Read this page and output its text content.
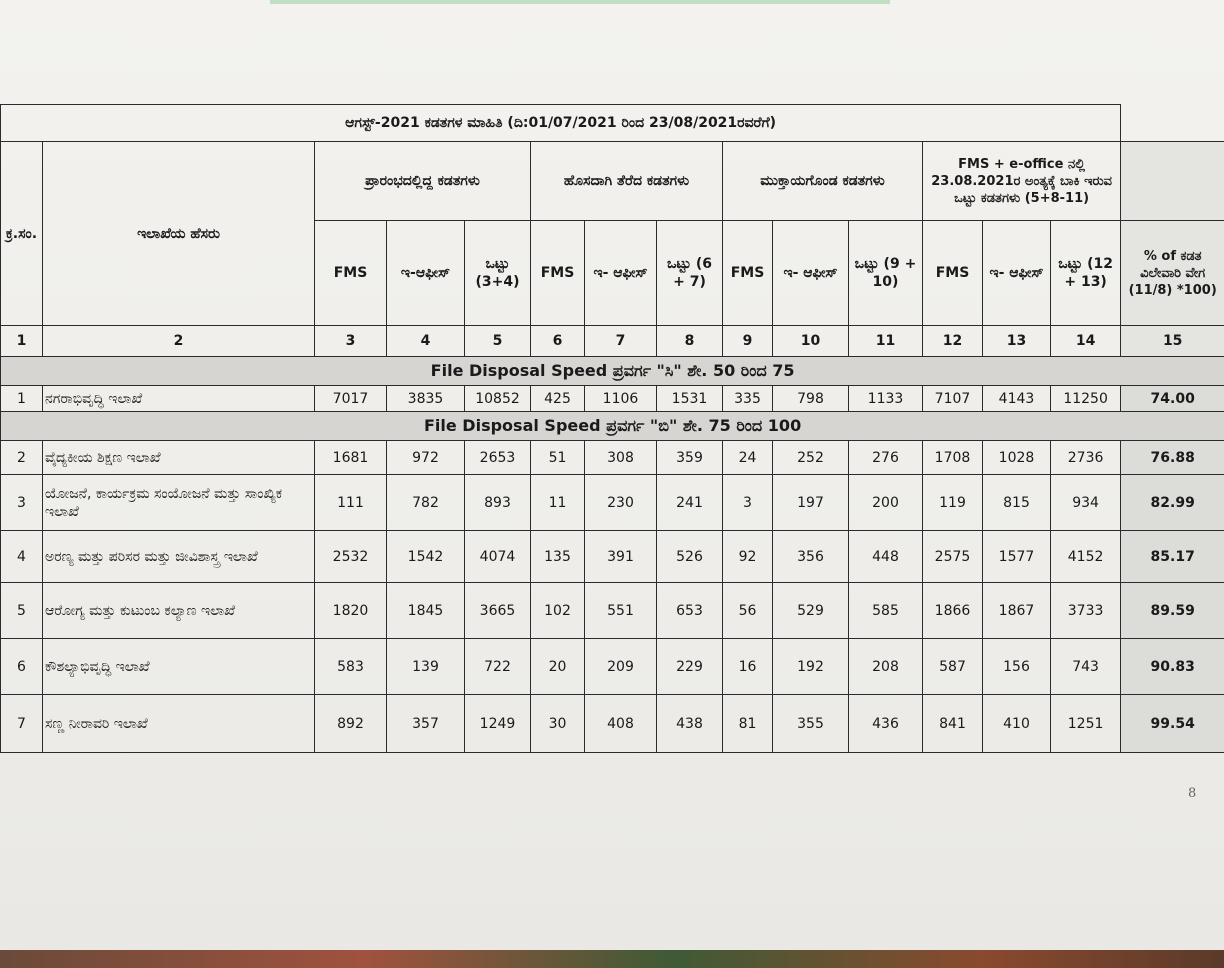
ಆಗಸ್ಟ್-2021 ಕಡತಗಳ ಮಾಹಿತಿ (ದಿ:01/07/2021 ರಿಂದ 23/08/2021ರವರೆಗೆ)														
ಕ್ರ.ಸಂ.	ಇಲಾಖೆಯ ಹೆಸರು	ಪ್ರಾರಂಭದಲ್ಲಿದ್ದ ಕಡತಗಳು			ಹೊಸದಾಗಿ ತೆರೆದ ಕಡತಗಳು			ಮುಕ್ತಾಯಗೊಂಡ ಕಡತಗಳು			FMS + e-office ನಲ್ಲಿ 23.08.2021ರ ಅಂತ್ಯಕ್ಕೆ ಬಾಕಿ ಇರುವ ಒಟ್ಟು ಕಡತಗಳು (5+8-11)			
		FMS	ಇ-ಆಫೀಸ್	ಒಟ್ಟು (3+4)	FMS	ಇ- ಆಫೀಸ್	ಒಟ್ಟು (6 + 7)	FMS	ಇ- ಆಫೀಸ್	ಒಟ್ಟು (9 + 10)	FMS	ಇ- ಆಫೀಸ್	ಒಟ್ಟು (12 + 13)	% of ಕಡತ ವಿಲೇವಾರಿ ವೇಗ (11/8) *100)
1	2	3	4	5	6	7	8	9	10	11	12	13	14	15
File Disposal Speed ಪ್ರವರ್ಗ "ಸಿ" ಶೇ. 50 ರಿಂದ 75														
1	ನಗರಾಭಿವೃದ್ಧಿ ಇಲಾಖೆ	7017	3835	10852	425	1106	1531	335	798	1133	7107	4143	11250	74.00
File Disposal Speed ಪ್ರವರ್ಗ "ಬಿ" ಶೇ. 75 ರಿಂದ 100														
2	ವೈದ್ಯಕೀಯ ಶಿಕ್ಷಣ ಇಲಾಖೆ	1681	972	2653	51	308	359	24	252	276	1708	1028	2736	76.88
3	ಯೋಜನೆ, ಕಾರ್ಯಕ್ರಮ ಸಂಯೋಜನೆ ಮತ್ತು ಸಾಂಖ್ಯಿಕ ಇಲಾಖೆ	111	782	893	11	230	241	3	197	200	119	815	934	82.99
4	ಅರಣ್ಯ ಮತ್ತು ಪರಿಸರ ಮತ್ತು ಜೀವಿಶಾಸ್ತ್ರ ಇಲಾಖೆ	2532	1542	4074	135	391	526	92	356	448	2575	1577	4152	85.17
5	ಆರೋಗ್ಯ ಮತ್ತು ಕುಟುಂಬ ಕಲ್ಯಾಣ ಇಲಾಖೆ	1820	1845	3665	102	551	653	56	529	585	1866	1867	3733	89.59
6	ಕೌಶಲ್ಯಾಭಿವೃದ್ಧಿ ಇಲಾಖೆ	583	139	722	20	209	229	16	192	208	587	156	743	90.83
7	ಸಣ್ಣ ನೀರಾವರಿ ಇಲಾಖೆ	892	357	1249	30	408	438	81	355	436	841	410	1251	99.54
8
